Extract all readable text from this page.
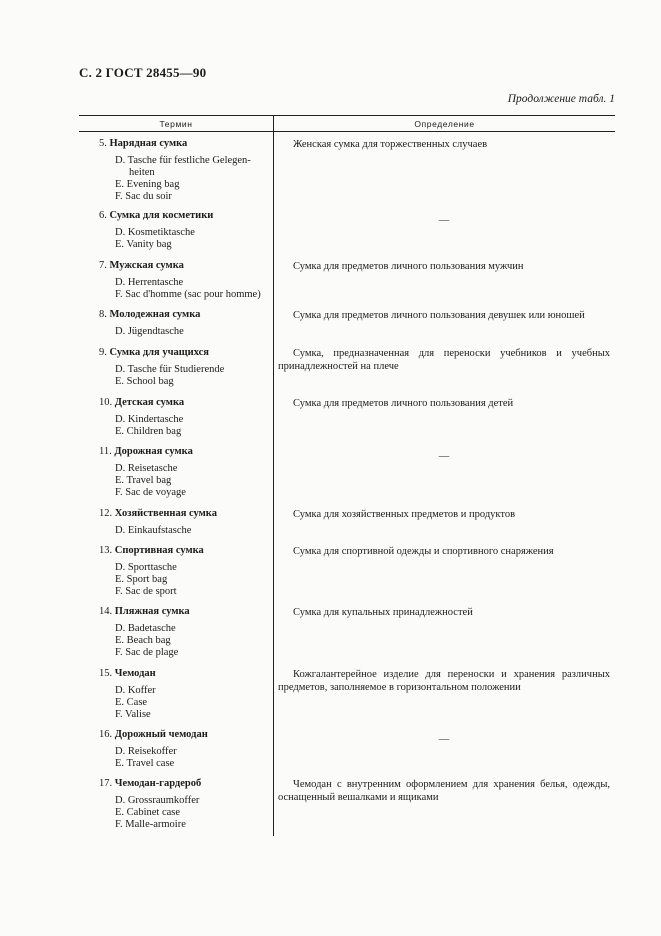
С. 2 ГОСТ 28455—90
Продолжение табл. 1
Термин	Определение
5. Нарядная сумка
D. Tasche für festliche Gelegen-
heiten
E. Evening bag
F. Sac du soir
Женская сумка для торжественных случаев
6. Сумка для косметики
D. Kosmetiktasche
E. Vanity bag
—
7. Мужская сумка
D. Herrentasche
F. Sac d'homme (sac pour homme)
Сумка для предметов личного пользования мужчин
8. Молодежная сумка
D. Jügendtasche
Сумка для предметов личного пользования девушек или юношей
9. Сумка для учащихся
D. Tasche für Studierende
E. School bag
Сумка, предназначенная для переноски учебников и учебных принадлежностей на плече
10. Детская сумка
D. Kindertasche
E. Children bag
Сумка для предметов личного пользования детей
11. Дорожная сумка
D. Reisetasche
E. Travel bag
F. Sac de voyage
—
12. Хозяйственная сумка
D. Einkaufstasche
Сумка для хозяйственных предметов и продуктов
13. Спортивная сумка
D. Sporttasche
E. Sport bag
F. Sac de sport
Сумка для спортивной одежды и спортивного снаряжения
14. Пляжная сумка
D. Badetasche
E. Beach bag
F. Sac de plage
Сумка для купальных принадлежностей
15. Чемодан
D. Koffer
E. Case
F. Valise
Кожгалантерейное изделие для переноски и хранения различных предметов, заполняемое в горизонтальном положении
16. Дорожный чемодан
D. Reisekoffer
E. Travel case
—
17. Чемодан-гардероб
D. Grossraumkoffer
E. Cabinet case
F. Malle-armoire
Чемодан с внутренним оформлением для хранения белья, одежды, оснащенный вешалками и ящиками
